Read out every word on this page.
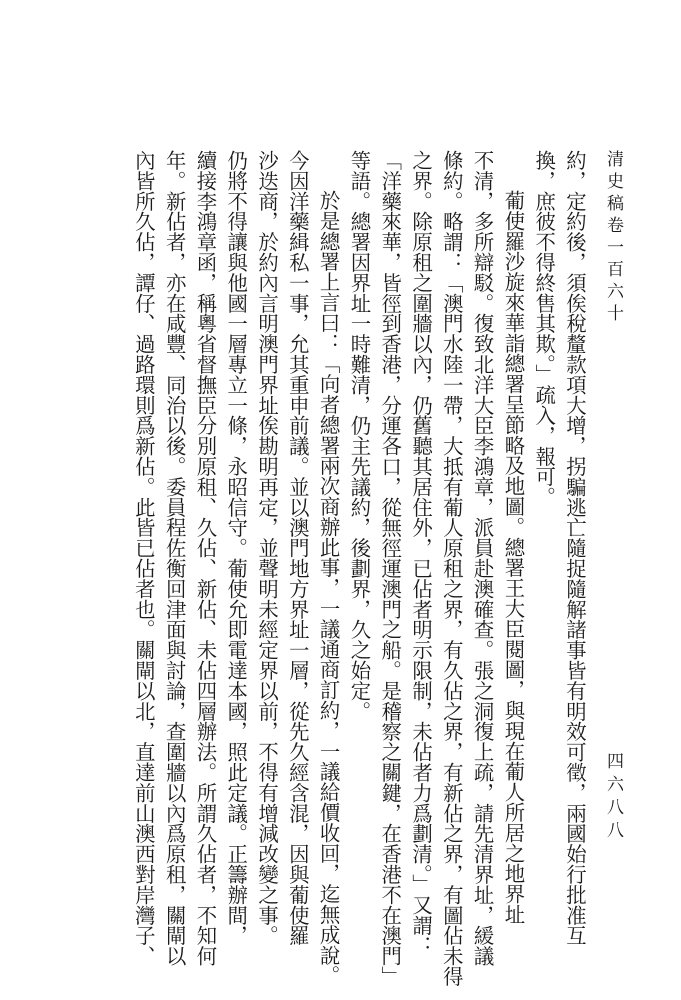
清史稿卷一百六十
約，定約後，須俟稅釐款項大增，拐騙逃亡隨捉隨解諸事皆有明效可徵，兩國始行批准互
換，庶彼不得終售其欺。」疏入，報可。
葡使羅沙旋來華詣總署呈節略及地圖。總署王大臣閱圖，與現在葡人所居之地界址
不清，多所辯駁。復致北洋大臣李鴻章，派員赴澳確查。張之洞復上疏，請先清界址，緩議
條約。略謂：「澳門水陸一帶，大抵有葡人原租之界，有久佔之界，有新佔之界，有圖佔未得
之界。除原租之圍牆以內，仍舊聽其居住外，已佔者明示限制，未佔者力爲劃清。」又謂：
「洋藥來華，皆徑到香港，分運各口，從無徑運澳門之船。是稽察之關鍵，在香港不在澳門」
等語。總署因界址一時難清，仍主先議約，後劃界，久之始定。
於是總署上言曰：「向者總署兩次商辦此事，一議通商訂約，一議給價收回，迄無成說。
今因洋藥緝私一事，允其重申前議。並以澳門地方界址一層，從先久經含混，因與葡使羅
沙迭商，於約內言明澳門界址俟勘明再定，並聲明未經定界以前，不得有增減改變之事。
仍將不得讓與他國一層專立一條，永昭信守。葡使允即電達本國，照此定議。正籌辦間，
續接李鴻章函，稱粵省督撫臣分別原租、久佔、新佔、未佔四層辦法。所謂久佔者，不知何
年。新佔者，亦在咸豐、同治以後。委員程佐衡回津面與討論，查圍牆以內爲原租，關閘以
內皆所久佔，譚仔、過路環則爲新佔。此皆已佔者也。關閘以北，直達前山澳西對岸灣子、	四六八八
